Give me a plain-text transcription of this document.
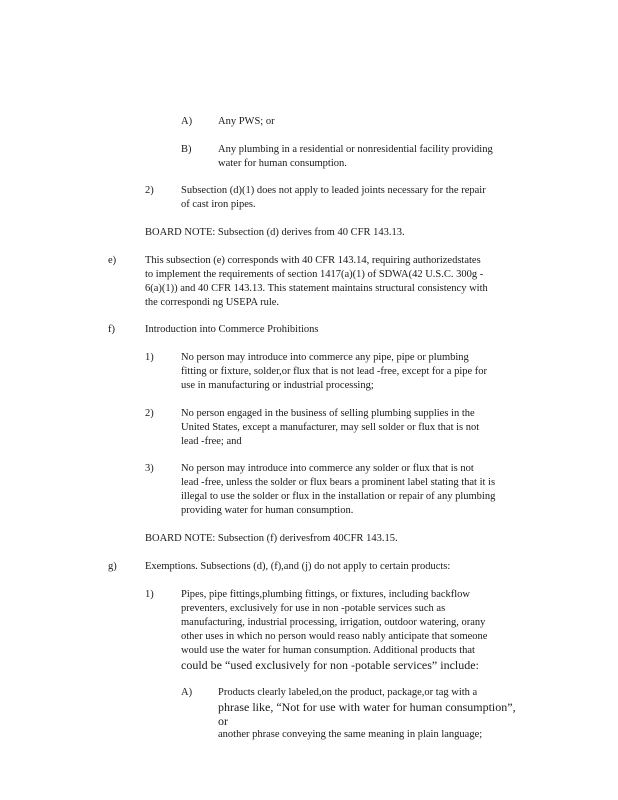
A) Any PWS; or
B)	Any plumbing in a residential or nonresidential facility providing
water for human consumption.
2)	Subsection (d)(1) does not apply to leaded joints necessary for the repair
of cast iron pipes.
BOARD NOTE: Subsection (d) derives from 40 CFR 143.13.
e)	This subsection (e) corresponds with 40 CFR 143.14, requiring authorizedstates
to implement the requirements of section 1417(a)(1) of SDWA(42 U.S.C. 300g -
6(a)(1)) and 40 CFR 143.13. This statement maintains structural consistency with
the correspondi ng USEPA rule.
f)	Introduction into Commerce Prohibitions
1)	No person may introduce into commerce any pipe, pipe or plumbing
fitting or fixture, solder,or flux that is not lead -free, except for a pipe for
use in manufacturing or industrial processing;
2)	No person engaged in the business of selling plumbing supplies in the
United States, except a manufacturer, may sell solder or flux that is not
lead -free; and
3)	No person may introduce into commerce any solder or flux that is not
lead -free, unless the solder or flux bears a prominent label stating that it is
illegal to use the solder or flux in the installation or repair of any plumbing
providing water for human consumption.
BOARD NOTE: Subsection (f) derivesfrom 40CFR 143.15.
g)	Exemptions. Subsections (d), (f),and (j) do not apply to certain products:
1)	Pipes, pipe fittings,plumbing fittings, or fixtures, including backflow
preventers, exclusively for use in non -potable services such as
manufacturing, industrial processing, irrigation, outdoor watering, orany
other uses in which no person would reaso nably anticipate that someone
would use the water for human consumption. Additional products that
could be “used exclusively for non -potable services” include:
A) Products clearly labeled,on the product, package,or tag with a
phrase like, “Not for use with water for human consumption”, or
another phrase conveying the same meaning in plain language;
